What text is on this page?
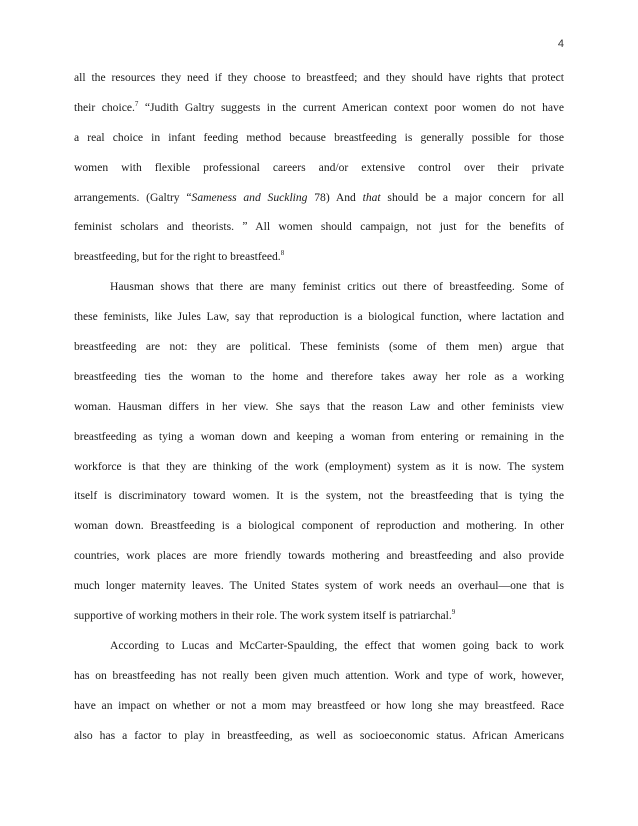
4
all the resources they need if they choose to breastfeed; and they should have rights that protect
their choice.$^7$ “Judith Galtry suggests in the current American context poor women do not have
a real choice in infant feeding method because breastfeeding is generally possible for those
women with flexible professional careers and/or extensive control over their private
arrangements. (Galtry “Sameness and Suckling 78) And that should be a major concern for all
feminist scholars and theorists. ˮ All women should campaign, not just for the benefits of
breastfeeding, but for the right to breastfeed.$^8$
Hausman shows that there are many feminist critics out there of breastfeeding. Some of
these feminists, like Jules Law, say that reproduction is a biological function, where lactation and
breastfeeding are not: they are political. These feminists (some of them men) argue that
breastfeeding ties the woman to the home and therefore takes away her role as a working
woman. Hausman differs in her view. She says that the reason Law and other feminists view
breastfeeding as tying a woman down and keeping a woman from entering or remaining in the
workforce is that they are thinking of the work (employment) system as it is now. The system
itself is discriminatory toward women. It is the system, not the breastfeeding that is tying the
woman down. Breastfeeding is a biological component of reproduction and mothering. In other
countries, work places are more friendly towards mothering and breastfeeding and also provide
much longer maternity leaves. The United States system of work needs an overhaul—one that is
supportive of working mothers in their role. The work system itself is patriarchal.$^9$
According to Lucas and McCarter-Spaulding, the effect that women going back to work
has on breastfeeding has not really been given much attention. Work and type of work, however,
have an impact on whether or not a mom may breastfeed or how long she may breastfeed. Race
also has a factor to play in breastfeeding, as well as socioeconomic status. African Americans
